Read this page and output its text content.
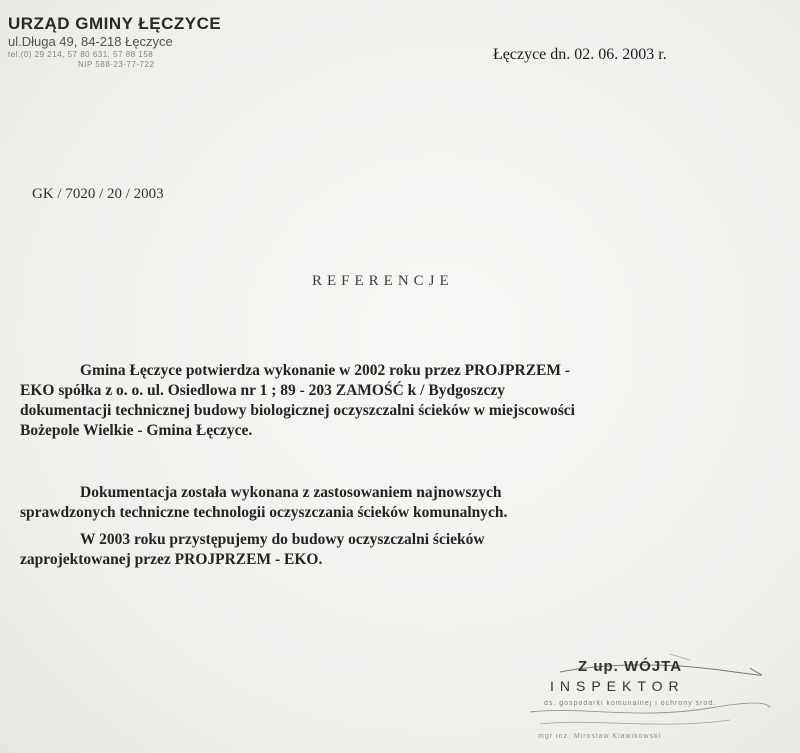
URZĄD GMINY ŁĘCZYCE
ul.Długa 49, 84-218 Łęczyce
tel.(0) 29 214, 57 80 631, 57 88 158
NIP 588-23-77-722
Łęczyce dn. 02. 06. 2003 r.
GK / 7020 / 20 / 2003
REFERENCJE
Gmina Łęczyce potwierdza wykonanie w 2002 roku przez PROJPRZEM -
EKO spółka z o. o. ul. Osiedlowa nr 1 ; 89 - 203 ZAMOŚĆ k / Bydgoszczy
dokumentacji technicznej budowy biologicznej oczyszczalni ścieków w miejscowości
Bożepole Wielkie - Gmina Łęczyce.
Dokumentacja została wykonana z zastosowaniem najnowszych
sprawdzonych techniczne technologii oczyszczania ścieków komunalnych.
W 2003 roku przystępujemy do budowy oczyszczalni ścieków
zaprojektowanej przez PROJPRZEM - EKO.
Z up. WÓJTA
INSPEKTOR
ds. gospodarki komunalnej i ochrony środ.
mgr inż. Mirosław Klawikowski
